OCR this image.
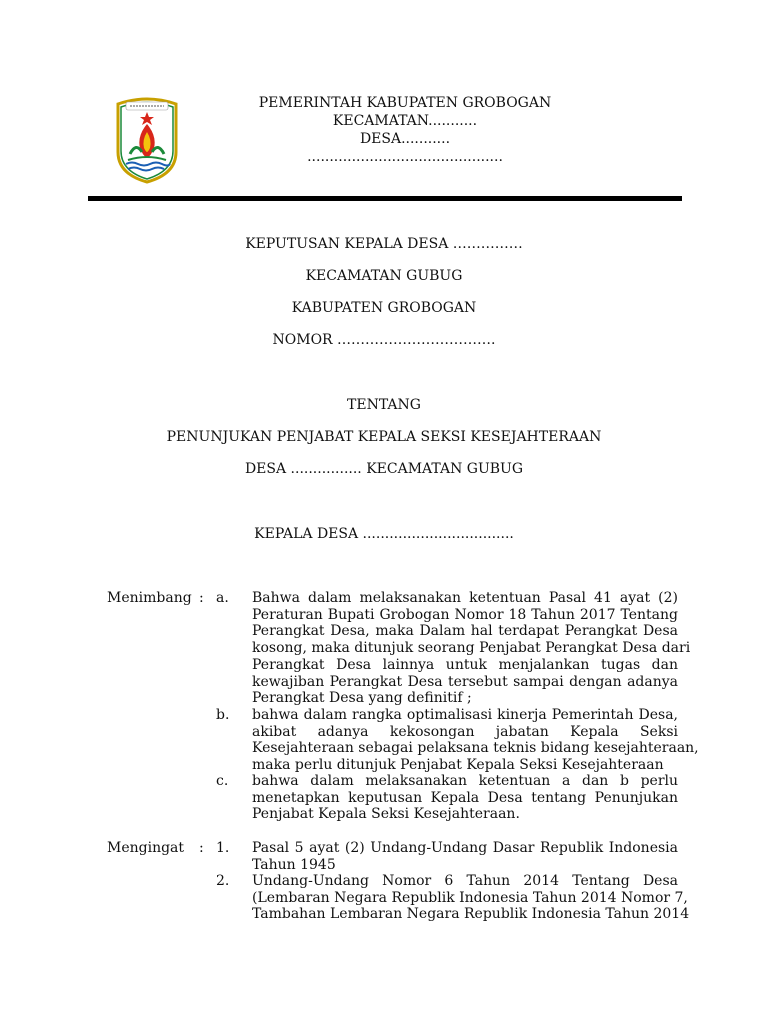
PEMERINTAH KABUPATEN GROBOGAN
KECAMATAN...........
DESA...........
............................................
KEPUTUSAN KEPALA DESA ……………
KECAMATAN GUBUG
KABUPATEN GROBOGAN
NOMOR …………………………….
TENTANG
PENUNJUKAN PENJABAT KEPALA SEKSI KESEJAHTERAAN
DESA ................ KECAMATAN GUBUG
KEPALA DESA ..................................
Menimbang : a. Bahwa dalam melaksanakan ketentuan Pasal 41 ayat (2)
Peraturan Bupati Grobogan Nomor 18 Tahun 2017 Tentang
Perangkat Desa, maka Dalam hal terdapat Perangkat Desa
kosong, maka ditunjuk seorang Penjabat Perangkat Desa dari
Perangkat Desa lainnya untuk menjalankan tugas dan
kewajiban Perangkat Desa tersebut sampai dengan adanya
Perangkat Desa yang definitif ;
b. bahwa dalam rangka optimalisasi kinerja Pemerintah Desa,
akibat adanya kekosongan jabatan Kepala Seksi
Kesejahteraan sebagai pelaksana teknis bidang kesejahteraan,
maka perlu ditunjuk Penjabat Kepala Seksi Kesejahteraan
c. bahwa dalam melaksanakan ketentuan a dan b perlu
menetapkan keputusan Kepala Desa tentang Penunjukan
Penjabat Kepala Seksi Kesejahteraan.
Mengingat : 1. Pasal 5 ayat (2) Undang-Undang Dasar Republik Indonesia
Tahun 1945
2. Undang-Undang Nomor 6 Tahun 2014 Tentang Desa
(Lembaran Negara Republik Indonesia Tahun 2014 Nomor 7,
Tambahan Lembaran Negara Republik Indonesia Tahun 2014
